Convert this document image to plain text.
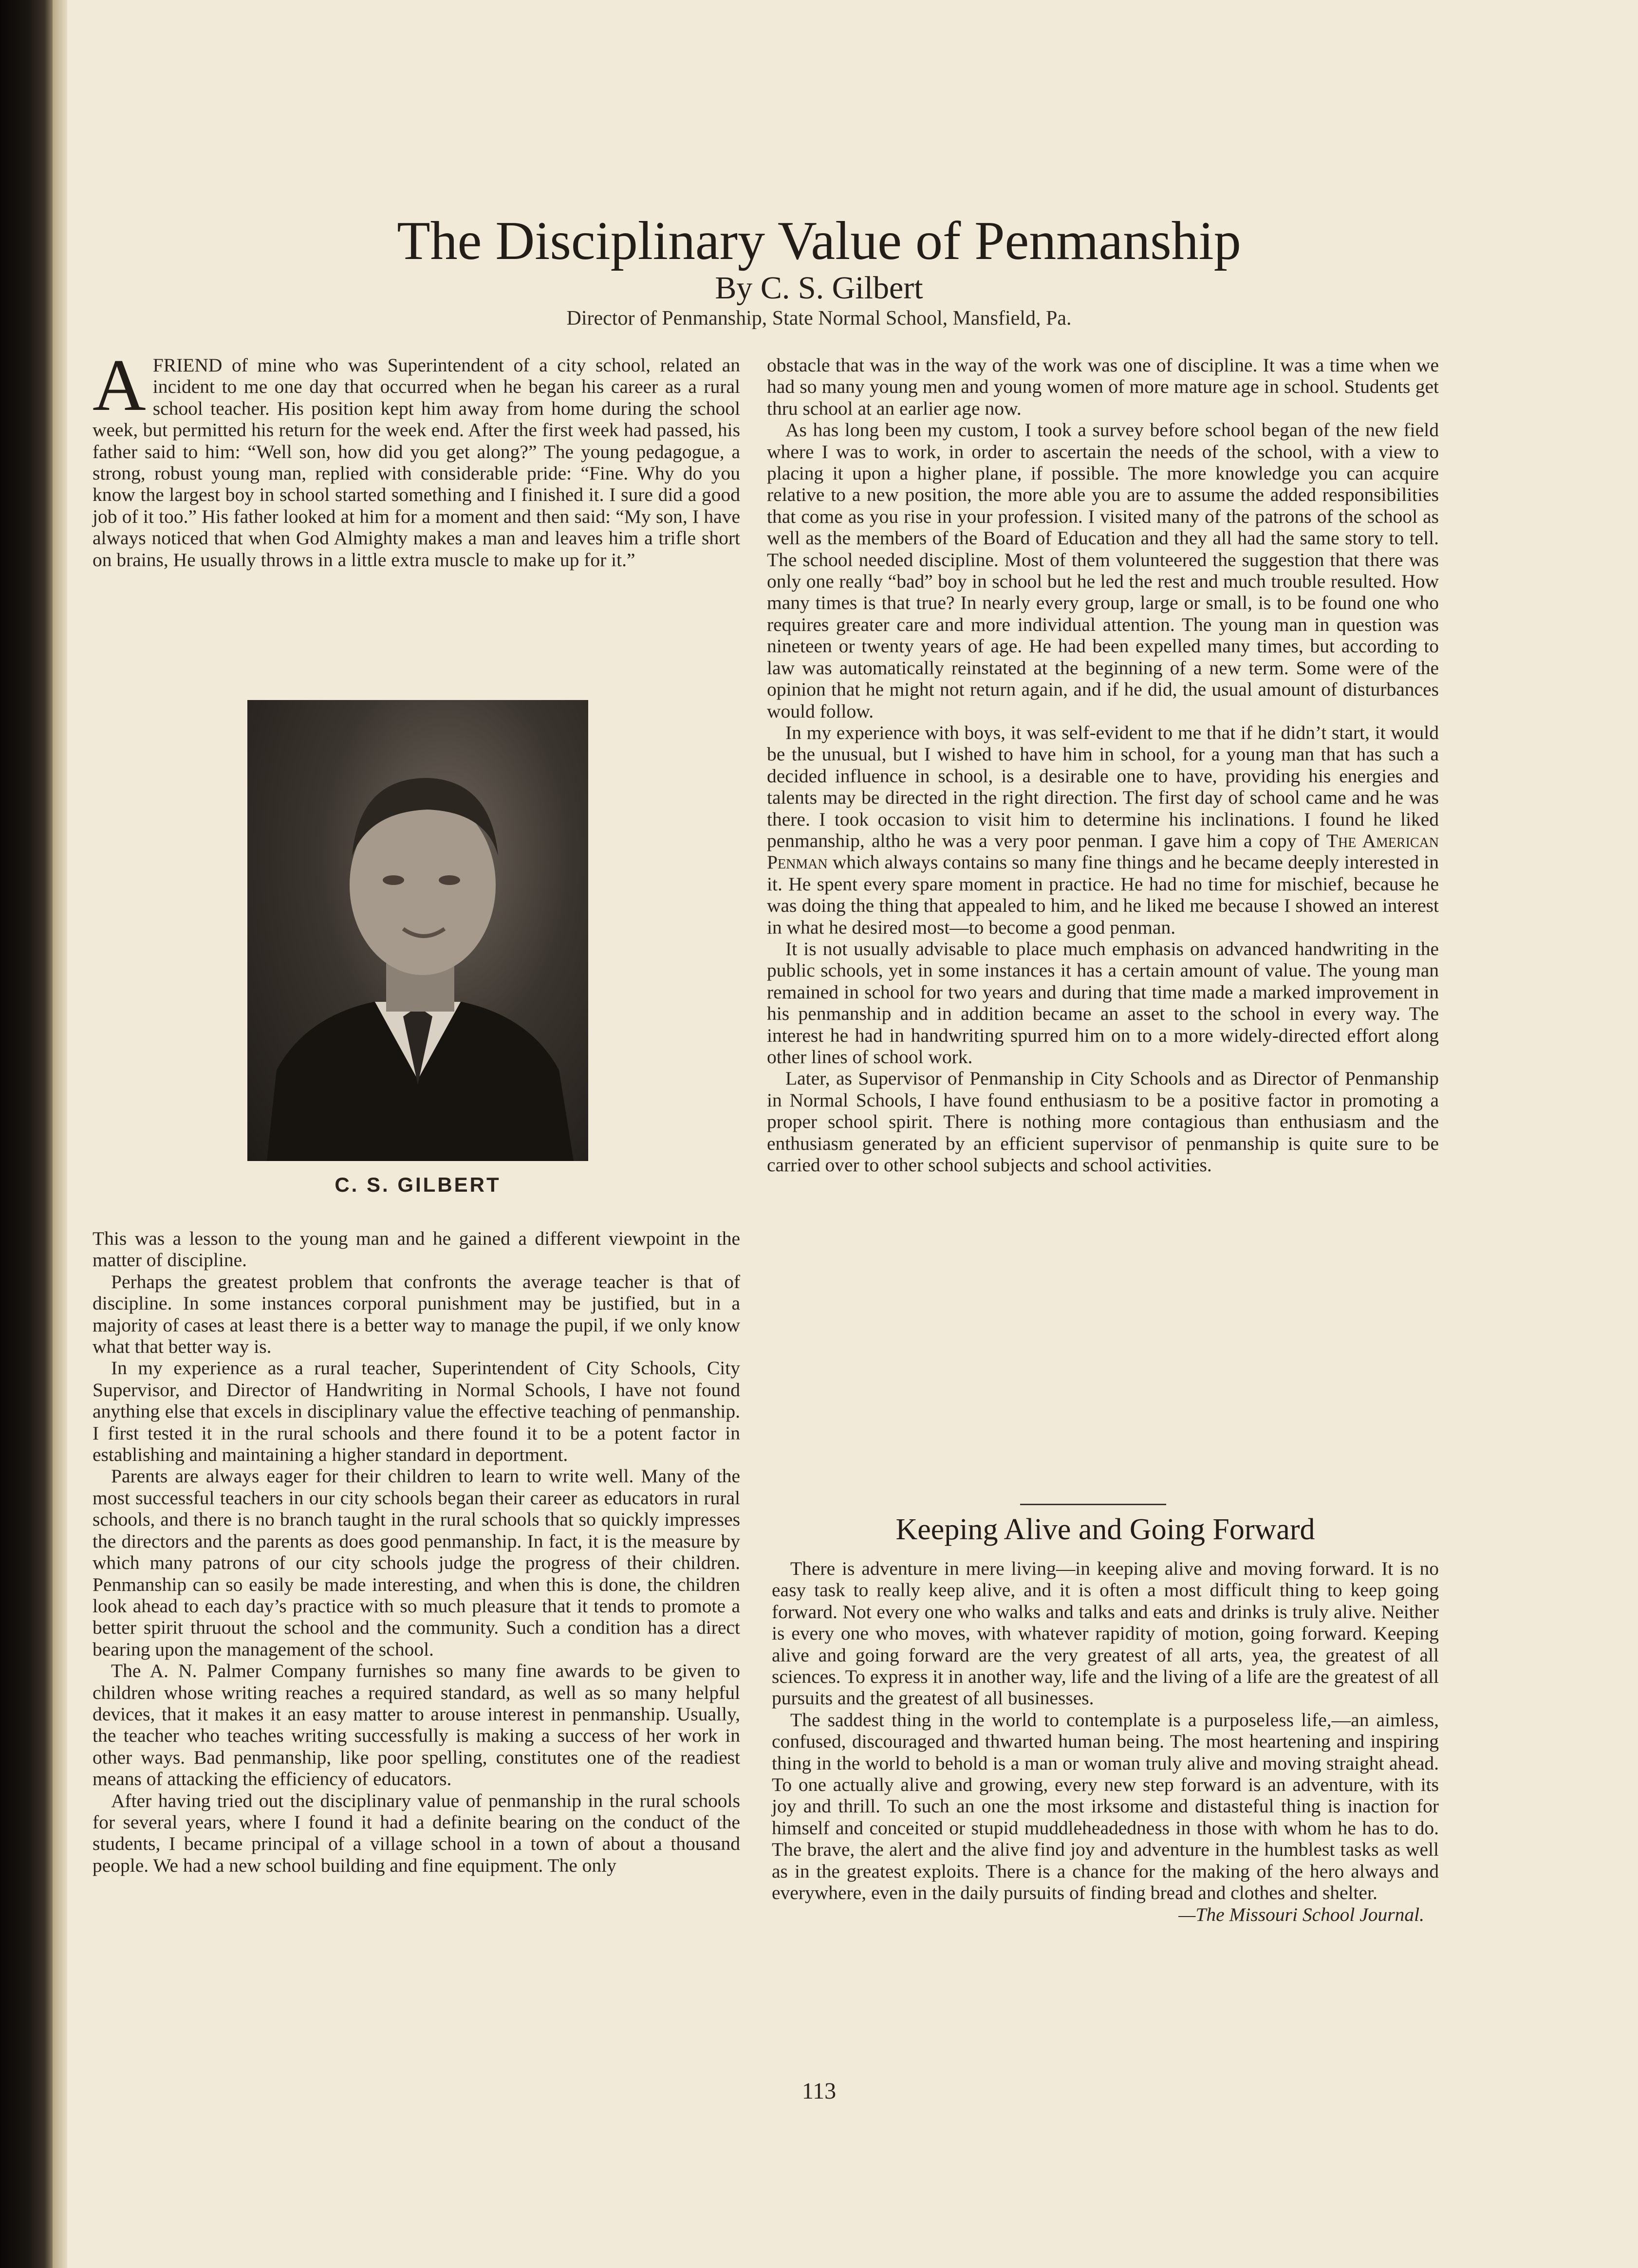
The Disciplinary Value of Penmanship
By C. S. Gilbert
Director of Penmanship, State Normal School, Mansfield, Pa.

AFRIEND of mine who was Superintendent of a city school, related an incident to me one day that occurred when he began his career as a rural school teacher. His position kept him away from home during the school week, but permitted his return for the week end. After the first week had passed, his father said to him: “Well son, how did you get along?” The young pedagogue, a strong, robust young man, replied with considerable pride: “Fine. Why do you know the largest boy in school started something and I finished it. I sure did a good job of it too.” His father looked at him for a moment and then said: “My son, I have always noticed that when God Almighty makes a man and leaves him a trifle short on brains, He usually throws in a little extra muscle to make up for it.”

C. S. GILBERT

This was a lesson to the young man and he gained a different viewpoint in the matter of discipline.

Perhaps the greatest problem that confronts the average teacher is that of discipline. In some instances corporal punishment may be justified, but in a majority of cases at least there is a better way to manage the pupil, if we only know what that better way is.

In my experience as a rural teacher, Superintendent of City Schools, City Supervisor, and Director of Handwriting in Normal Schools, I have not found anything else that excels in disciplinary value the effective teaching of penmanship. I first tested it in the rural schools and there found it to be a potent factor in establishing and maintaining a higher standard in deportment.

Parents are always eager for their children to learn to write well. Many of the most successful teachers in our city schools began their career as educators in rural schools, and there is no branch taught in the rural schools that so quickly impresses the directors and the parents as does good penmanship. In fact, it is the measure by which many patrons of our city schools judge the progress of their children. Penmanship can so easily be made interesting, and when this is done, the children look ahead to each day’s practice with so much pleasure that it tends to promote a better spirit thruout the school and the community. Such a condition has a direct bearing upon the management of the school.

The A. N. Palmer Company furnishes so many fine awards to be given to children whose writing reaches a required standard, as well as so many helpful devices, that it makes it an easy matter to arouse interest in penmanship. Usually, the teacher who teaches writing successfully is making a success of her work in other ways. Bad penmanship, like poor spelling, constitutes one of the readiest means of attacking the efficiency of educators.

After having tried out the disciplinary value of penmanship in the rural schools for several years, where I found it had a definite bearing on the conduct of the students, I became principal of a village school in a town of about a thousand people. We had a new school building and fine equipment. The only

obstacle that was in the way of the work was one of discipline. It was a time when we had so many young men and young women of more mature age in school. Students get thru school at an earlier age now.

As has long been my custom, I took a survey before school began of the new field where I was to work, in order to ascertain the needs of the school, with a view to placing it upon a higher plane, if possible. The more knowledge you can acquire relative to a new position, the more able you are to assume the added responsibilities that come as you rise in your profession. I visited many of the patrons of the school as well as the members of the Board of Education and they all had the same story to tell. The school needed discipline. Most of them volunteered the suggestion that there was only one really “bad” boy in school but he led the rest and much trouble resulted. How many times is that true? In nearly every group, large or small, is to be found one who requires greater care and more individual attention. The young man in question was nineteen or twenty years of age. He had been expelled many times, but according to law was automatically reinstated at the beginning of a new term. Some were of the opinion that he might not return again, and if he did, the usual amount of disturbances would follow.

In my experience with boys, it was self-evident to me that if he didn’t start, it would be the unusual, but I wished to have him in school, for a young man that has such a decided influence in school, is a desirable one to have, providing his energies and talents may be directed in the right direction. The first day of school came and he was there. I took occasion to visit him to determine his inclinations. I found he liked penmanship, altho he was a very poor penman. I gave him a copy of The American Penman which always contains so many fine things and he became deeply interested in it. He spent every spare moment in practice. He had no time for mischief, because he was doing the thing that appealed to him, and he liked me because I showed an interest in what he desired most—to become a good penman.

It is not usually advisable to place much emphasis on advanced handwriting in the public schools, yet in some instances it has a certain amount of value. The young man remained in school for two years and during that time made a marked improvement in his penmanship and in addition became an asset to the school in every way. The interest he had in handwriting spurred him on to a more widely-directed effort along other lines of school work.

Later, as Supervisor of Penmanship in City Schools and as Director of Penmanship in Normal Schools, I have found enthusiasm to be a positive factor in promoting a proper school spirit. There is nothing more contagious than enthusiasm and the enthusiasm generated by an efficient supervisor of penmanship is quite sure to be carried over to other school subjects and school activities.

Keeping Alive and Going Forward

There is adventure in mere living—in keeping alive and moving forward. It is no easy task to really keep alive, and it is often a most difficult thing to keep going forward. Not every one who walks and talks and eats and drinks is truly alive. Neither is every one who moves, with whatever rapidity of motion, going forward. Keeping alive and going forward are the very greatest of all arts, yea, the greatest of all sciences. To express it in another way, life and the living of a life are the greatest of all pursuits and the greatest of all businesses.

The saddest thing in the world to contemplate is a purposeless life,—an aimless, confused, discouraged and thwarted human being. The most heartening and inspiring thing in the world to behold is a man or woman truly alive and moving straight ahead. To one actually alive and growing, every new step forward is an adventure, with its joy and thrill. To such an one the most irksome and distasteful thing is inaction for himself and conceited or stupid muddleheadedness in those with whom he has to do. The brave, the alert and the alive find joy and adventure in the humblest tasks as well as in the greatest exploits. There is a chance for the making of the hero always and everywhere, even in the daily pursuits of finding bread and clothes and shelter.

—The Missouri School Journal.

113
